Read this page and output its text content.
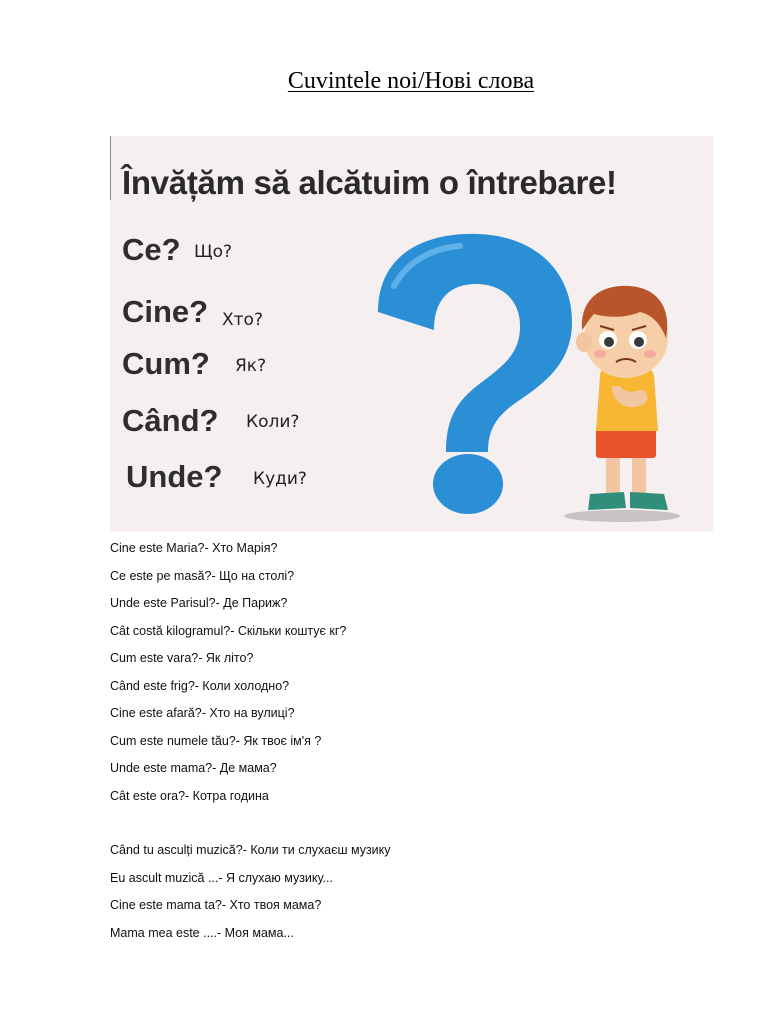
Cuvintele noi/Нові слова
Învățăm să alcătuim o întrebare!
Ce? Що?
Cine? Хто?
Cum? Як?
Când? Коли?
Unde? Куди?
Cine este Maria?- Хто Марія?
Ce este pe masă?- Що на столі?
Unde este Parisul?- Де Париж?
Cât costă kilogramul?- Скільки коштує кг?
Cum este vara?- Як літо?
Când este frig?- Коли холодно?
Cine este afară?- Хто на вулиці?
Cum este numele tău?- Як твоє ім'я ?
Unde este mama?- Де мама?
Cât este ora?- Котра година
Când tu asculți muzică?- Коли ти слухаєш музику
Eu ascult muzică ...- Я слухаю музику...
Cine este mama ta?- Хто твоя мама?
Mama mea este ....- Моя мама...
